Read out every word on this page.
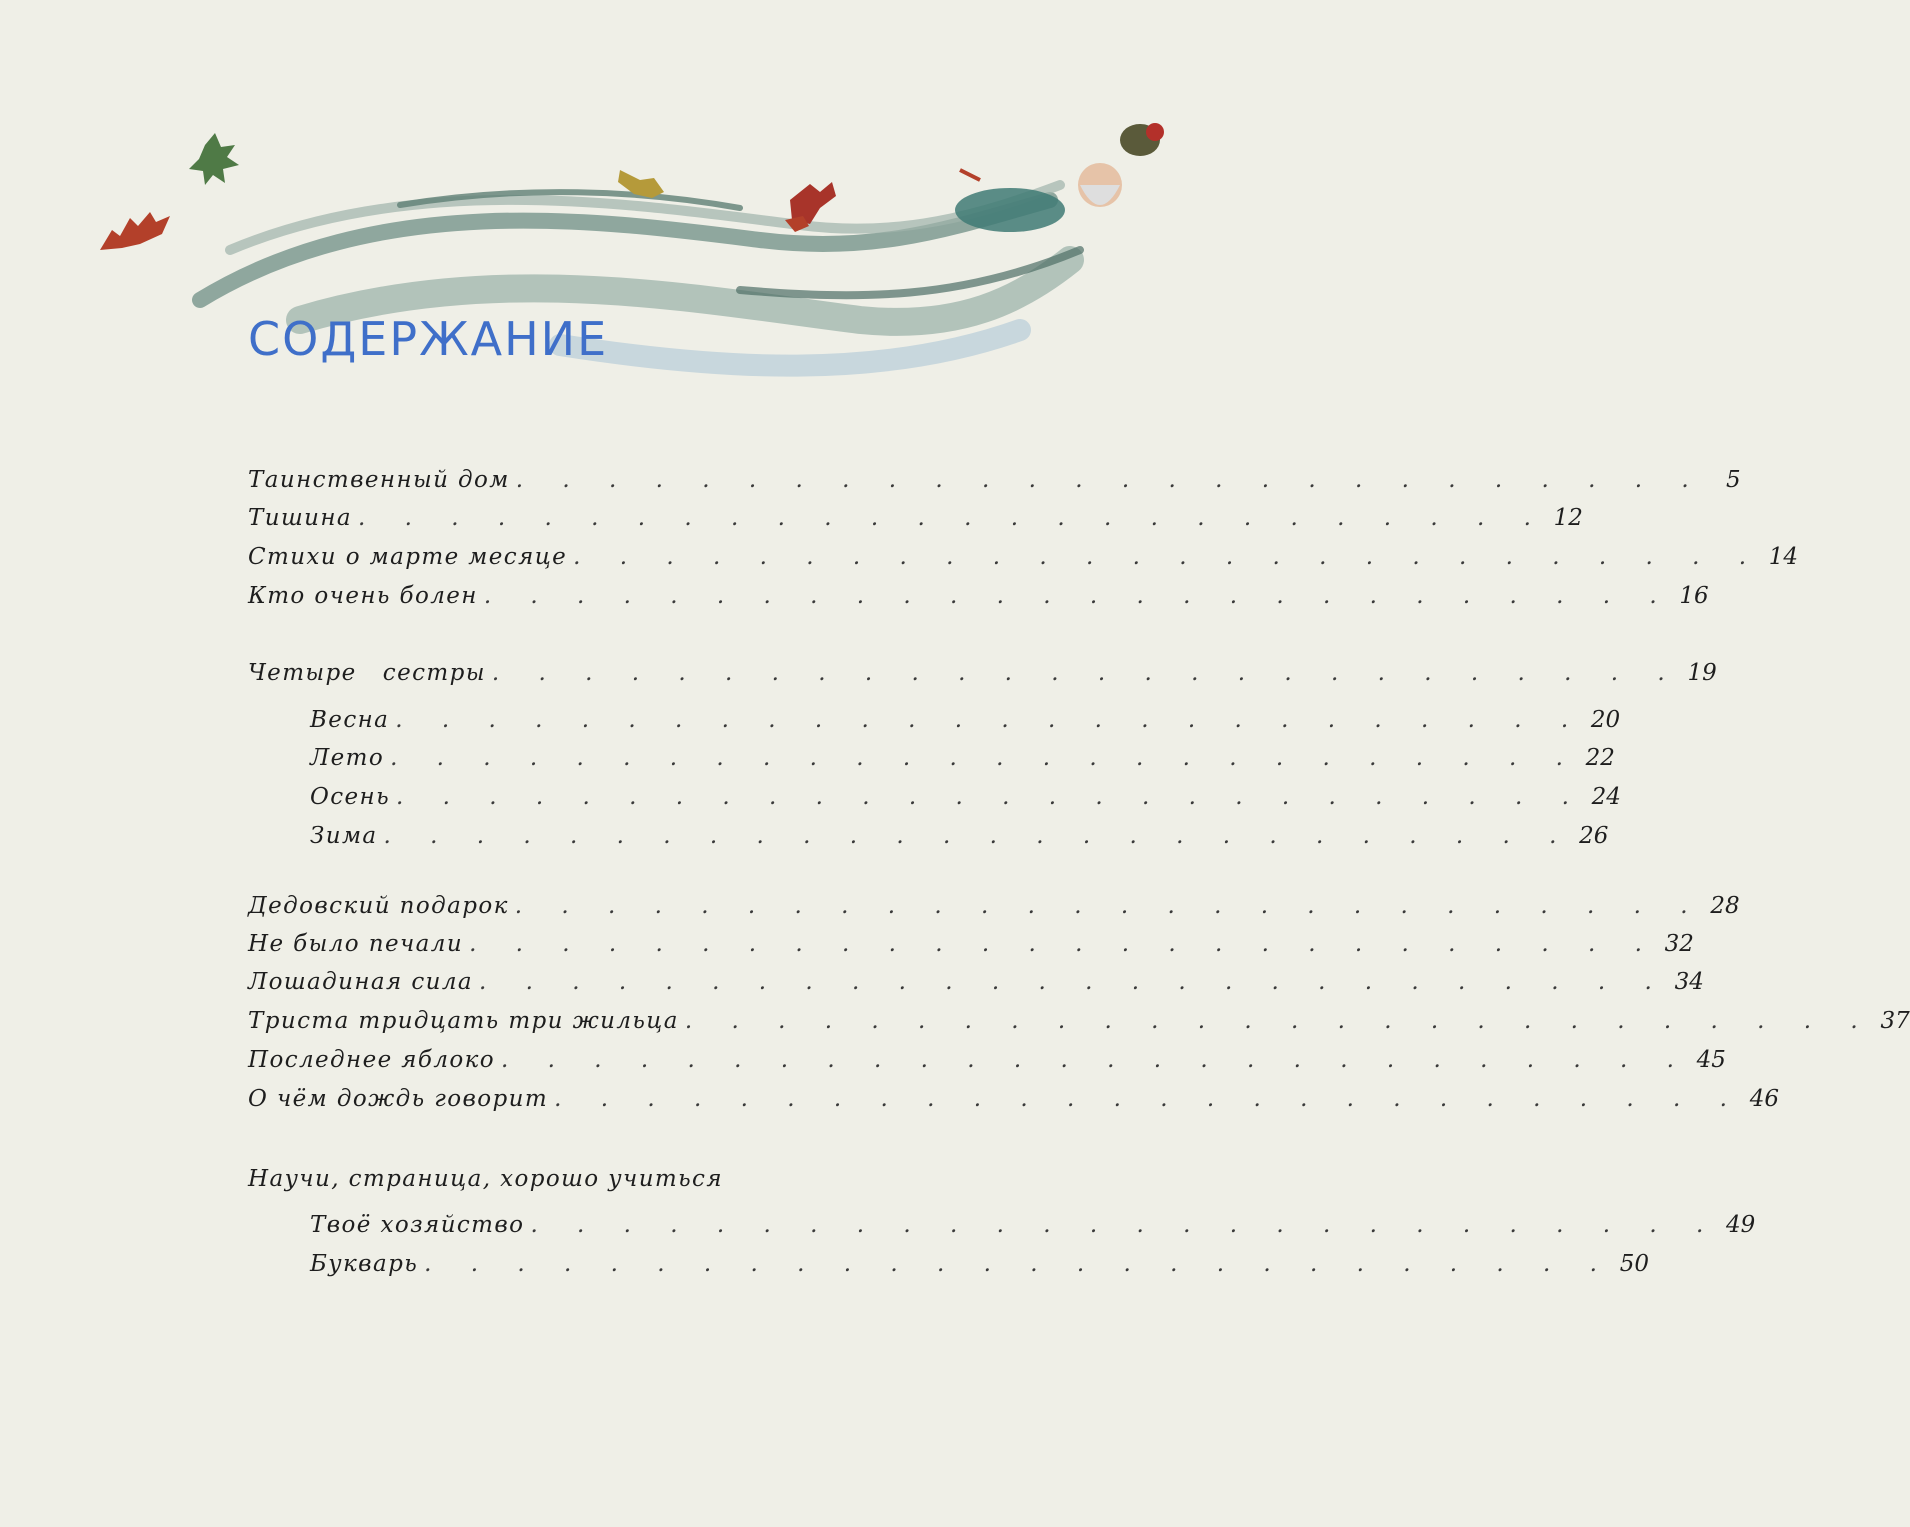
содержание
Таинственный дом . . . . . . . . . . . . . . . . . . . . . . . . . . 5
Тишина . . . . . . . . . . . . . . . . . . . . . . . . . . 12
Стихи о марте месяце . . . . . . . . . . . . . . . . . . . . . . . . . . 14
Кто очень болен . . . . . . . . . . . . . . . . . . . . . . . . . . 16
Четыре   сестры . . . . . . . . . . . . . . . . . . . . . . . . . . 19
Весна . . . . . . . . . . . . . . . . . . . . . . . . . . 20
Лето . . . . . . . . . . . . . . . . . . . . . . . . . . 22
Осень . . . . . . . . . . . . . . . . . . . . . . . . . . 24
Зима . . . . . . . . . . . . . . . . . . . . . . . . . . 26
Дедовский подарок . . . . . . . . . . . . . . . . . . . . . . . . . . 28
Не было печали . . . . . . . . . . . . . . . . . . . . . . . . . . 32
Лошадиная сила . . . . . . . . . . . . . . . . . . . . . . . . . . 34
Триста тридцать три жильца . . . . . . . . . . . . . . . . . . . . . . . . . . 37
Последнее яблоко . . . . . . . . . . . . . . . . . . . . . . . . . . 45
О чём дождь говорит . . . . . . . . . . . . . . . . . . . . . . . . . . 46
Научи, страница, хорошо учиться
Твоё хозяйство . . . . . . . . . . . . . . . . . . . . . . . . . . 49
Букварь . . . . . . . . . . . . . . . . . . . . . . . . . . 50
